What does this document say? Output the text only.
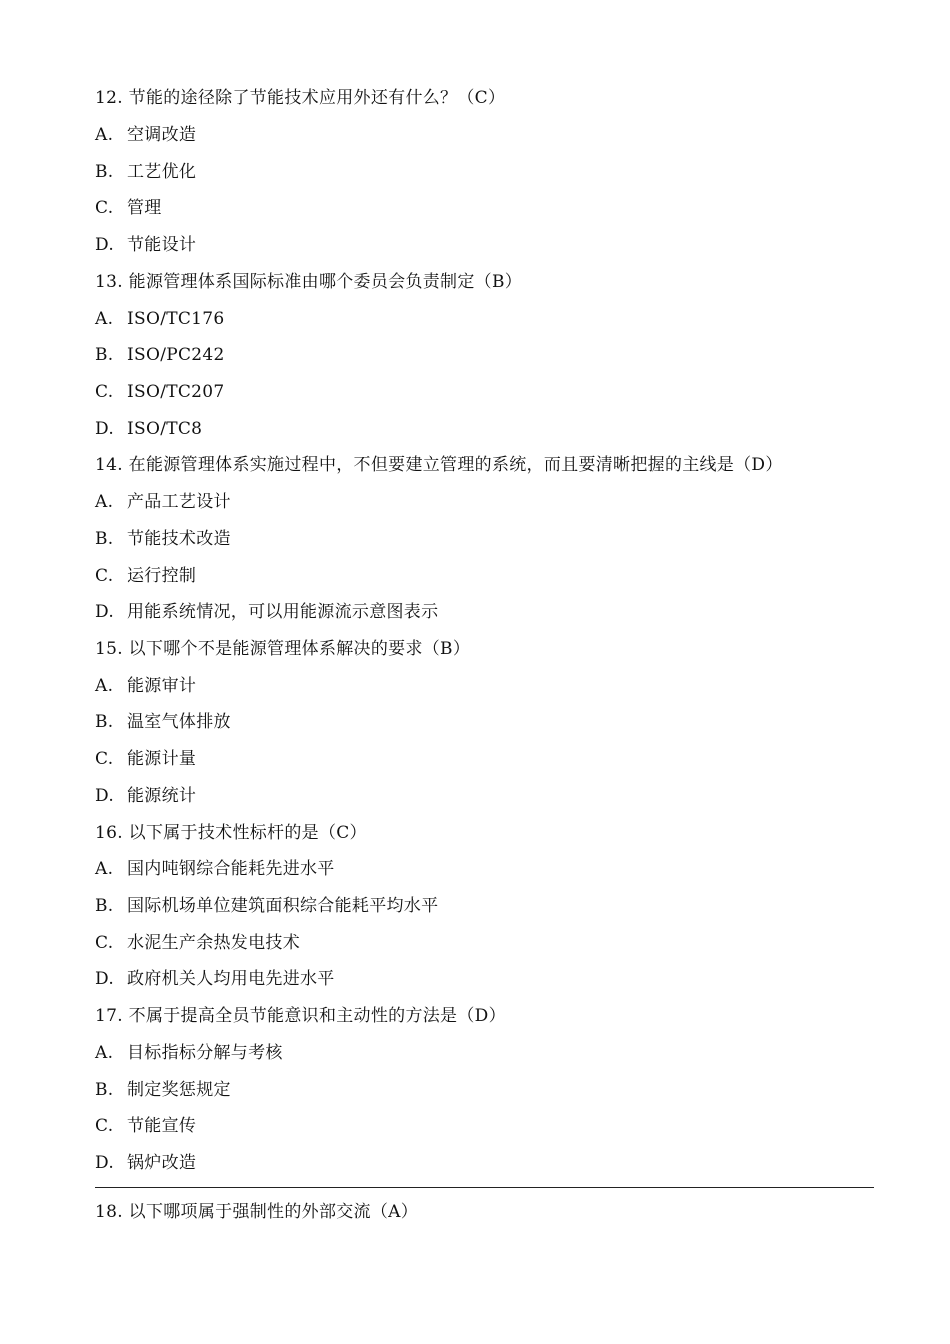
12. 节能的途径除了节能技术应用外还有什么？（C）
A. 空调改造
B. 工艺优化
C. 管理
D. 节能设计
13. 能源管理体系国际标准由哪个委员会负责制定（B）
A. ISO/TC176
B. ISO/PC242
C. ISO/TC207
D. ISO/TC8
14. 在能源管理体系实施过程中，不但要建立管理的系统，而且要清晰把握的主线是（D）
A. 产品工艺设计
B. 节能技术改造
C. 运行控制
D. 用能系统情况，可以用能源流示意图表示
15. 以下哪个不是能源管理体系解决的要求（B）
A. 能源审计
B. 温室气体排放
C. 能源计量
D. 能源统计
16. 以下属于技术性标杆的是（C）
A. 国内吨钢综合能耗先进水平
B. 国际机场单位建筑面积综合能耗平均水平
C. 水泥生产余热发电技术
D. 政府机关人均用电先进水平
17. 不属于提高全员节能意识和主动性的方法是（D）
A. 目标指标分解与考核
B. 制定奖惩规定
C. 节能宣传
D. 锅炉改造
18. 以下哪项属于强制性的外部交流（A）
